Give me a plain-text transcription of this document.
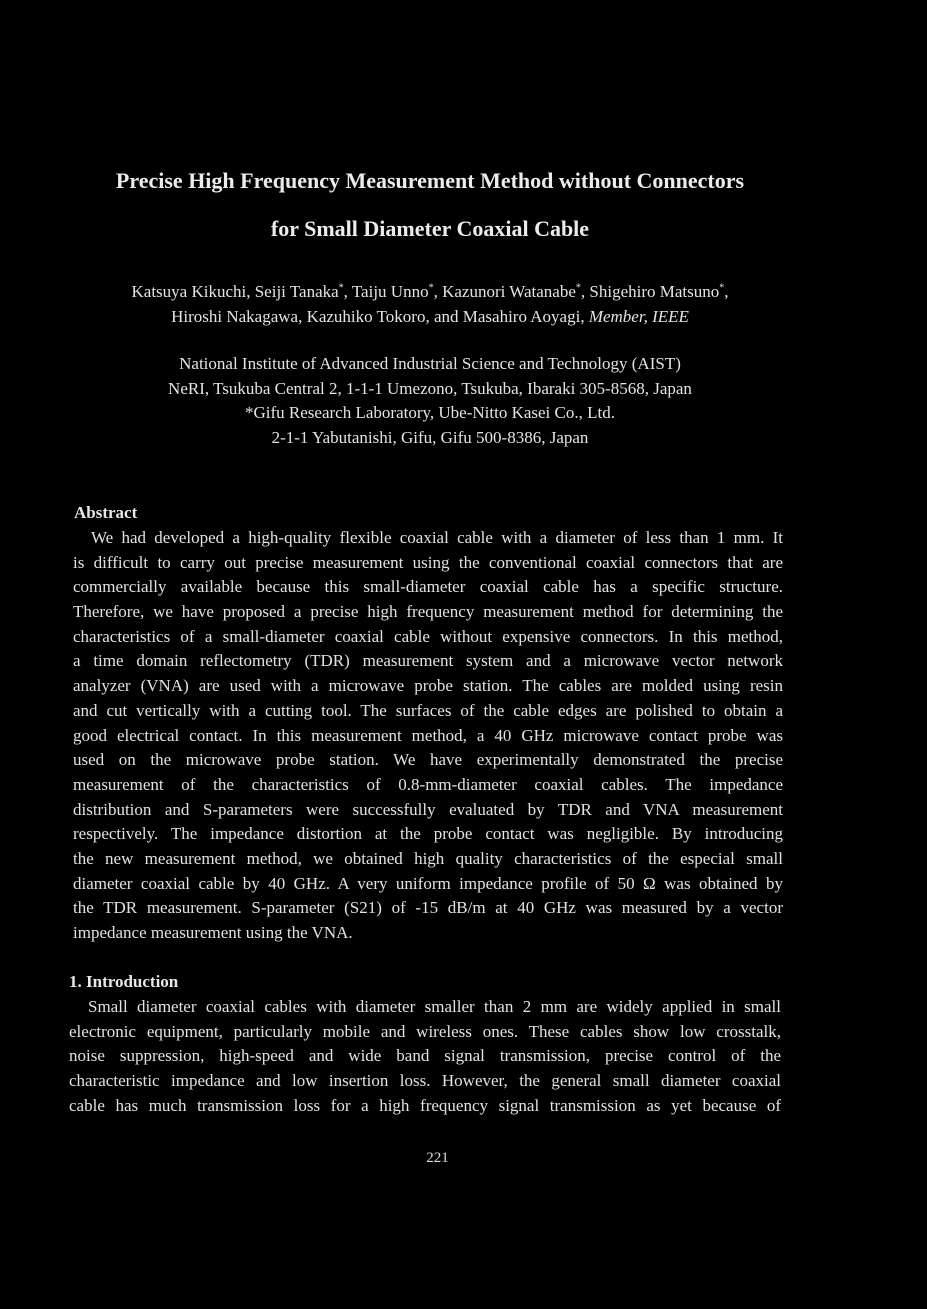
Precise High Frequency Measurement Method without Connectors
for Small Diameter Coaxial Cable
Katsuya Kikuchi, Seiji Tanaka*, Taiju Unno*, Kazunori Watanabe*, Shigehiro Matsuno*,
Hiroshi Nakagawa, Kazuhiko Tokoro, and Masahiro Aoyagi, Member, IEEE
National Institute of Advanced Industrial Science and Technology (AIST)
NeRI, Tsukuba Central 2, 1-1-1 Umezono, Tsukuba, Ibaraki 305-8568, Japan
*Gifu Research Laboratory, Ube-Nitto Kasei Co., Ltd.
2-1-1 Yabutanishi, Gifu, Gifu 500-8386, Japan
Abstract
We had developed a high-quality flexible coaxial cable with a diameter of less than 1 mm. It
is difficult to carry out precise measurement using the conventional coaxial connectors that are
commercially available because this small-diameter coaxial cable has a specific structure.
Therefore, we have proposed a precise high frequency measurement method for determining the
characteristics of a small-diameter coaxial cable without expensive connectors. In this method,
a time domain reflectometry (TDR) measurement system and a microwave vector network
analyzer (VNA) are used with a microwave probe station. The cables are molded using resin
and cut vertically with a cutting tool. The surfaces of the cable edges are polished to obtain a
good electrical contact. In this measurement method, a 40 GHz microwave contact probe was
used on the microwave probe station. We have experimentally demonstrated the precise
measurement of the characteristics of 0.8-mm-diameter coaxial cables. The impedance
distribution and S-parameters were successfully evaluated by TDR and VNA measurement
respectively. The impedance distortion at the probe contact was negligible. By introducing
the new measurement method, we obtained high quality characteristics of the especial small
diameter coaxial cable by 40 GHz. A very uniform impedance profile of 50 Ω was obtained by
the TDR measurement. S-parameter (S21) of -15 dB/m at 40 GHz was measured by a vector
impedance measurement using the VNA.
1. Introduction
Small diameter coaxial cables with diameter smaller than 2 mm are widely applied in small
electronic equipment, particularly mobile and wireless ones. These cables show low crosstalk,
noise suppression, high-speed and wide band signal transmission, precise control of the
characteristic impedance and low insertion loss. However, the general small diameter coaxial
cable has much transmission loss for a high frequency signal transmission as yet because of
221
